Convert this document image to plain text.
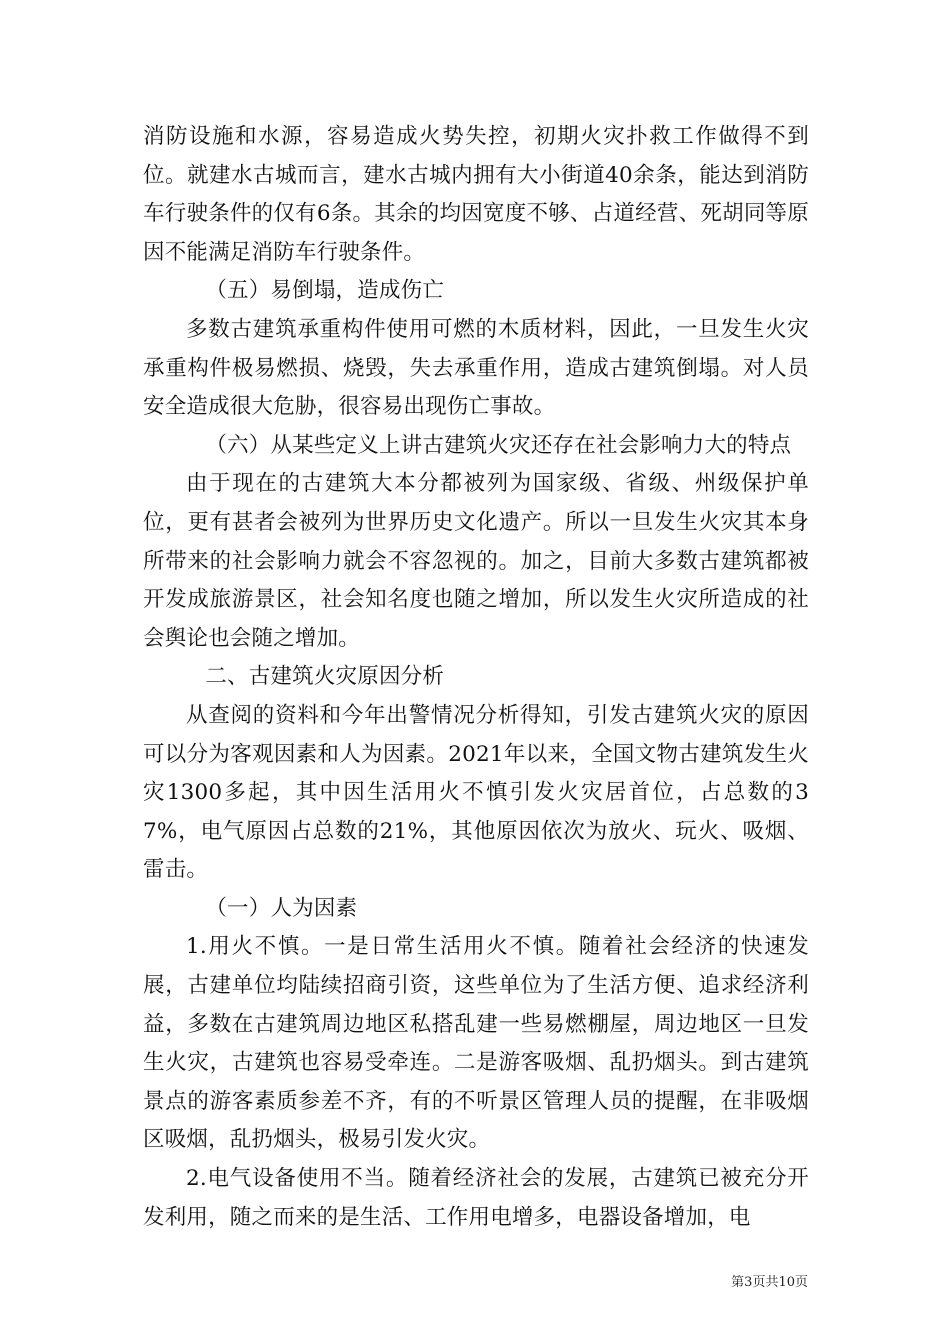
消防设施和水源，容易造成火势失控，初期火灾扑救工作做得不到位。就建水古城而言，建水古城内拥有大小街道40余条，能达到消防车行驶条件的仅有6条。其余的均因宽度不够、占道经营、死胡同等原因不能满足消防车行驶条件。

（五）易倒塌，造成伤亡

多数古建筑承重构件使用可燃的木质材料，因此，一旦发生火灾承重构件极易燃损、烧毁，失去承重作用，造成古建筑倒塌。对人员安全造成很大危胁，很容易出现伤亡事故。

（六）从某些定义上讲古建筑火灾还存在社会影响力大的特点

由于现在的古建筑大本分都被列为国家级、省级、州级保护单位，更有甚者会被列为世界历史文化遗产。所以一旦发生火灾其本身所带来的社会影响力就会不容忽视的。加之，目前大多数古建筑都被开发成旅游景区，社会知名度也随之增加，所以发生火灾所造成的社会舆论也会随之增加。

二、古建筑火灾原因分析

从查阅的资料和今年出警情况分析得知，引发古建筑火灾的原因可以分为客观因素和人为因素。2021年以来，全国文物古建筑发生火灾1300多起，其中因生活用火不慎引发火灾居首位，占总数的37%，电气原因占总数的21%，其他原因依次为放火、玩火、吸烟、雷击。

（一）人为因素

1.用火不慎。一是日常生活用火不慎。随着社会经济的快速发展，古建单位均陆续招商引资，这些单位为了生活方便、追求经济利益，多数在古建筑周边地区私搭乱建一些易燃棚屋，周边地区一旦发生火灾，古建筑也容易受牵连。二是游客吸烟、乱扔烟头。到古建筑景点的游客素质参差不齐，有的不听景区管理人员的提醒，在非吸烟区吸烟，乱扔烟头，极易引发火灾。

2.电气设备使用不当。随着经济社会的发展，古建筑已被充分开发利用，随之而来的是生活、工作用电增多，电器设备增加，电

第3页共10页
